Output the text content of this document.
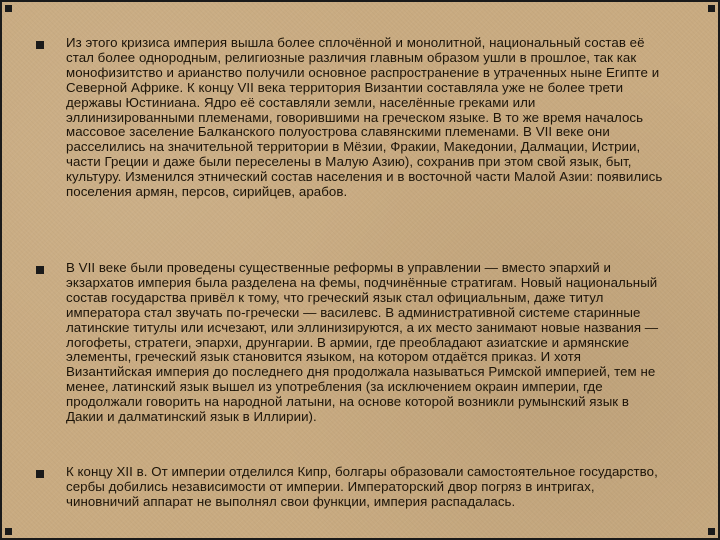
Из этого кризиса империя вышла более сплочённой и монолитной, национальный состав её стал более однородным, религиозные различия главным образом ушли в прошлое, так как монофизитство и арианство получили основное распространение в утраченных ныне Египте и Северной Африке. К концу VII века территория Византии составляла уже не более трети державы Юстиниана. Ядро её составляли земли, населённые греками или эллинизированными племенами, говорившими на греческом языке. В то же время началось массовое заселение Балканского полуострова славянскими племенами. В VII веке они расселились на значительной территории в Мёзии, Фракии, Македонии, Далмации, Истрии, части Греции и даже были переселены в Малую Азию), сохранив при этом свой язык, быт, культуру. Изменился этнический состав населения и в восточной части Малой Азии: появились поселения армян, персов, сирийцев, арабов.
В VII веке были проведены существенные реформы в управлении — вместо эпархий и экзархатов империя была разделена на фемы, подчинённые стратигам. Новый национальный состав государства привёл к тому, что греческий язык стал официальным, даже титул императора стал звучать по-гречески — василевс. В административной системе старинные латинские титулы или исчезают, или эллинизируются, а их место занимают новые названия — логофеты, стратеги, эпархи, друнгарии. В армии, где преобладают азиатские и армянские элементы, греческий язык становится языком, на котором отдаётся приказ. И хотя Византийская империя до последнего дня продолжала называться Римской империей, тем не менее, латинский язык вышел из употребления (за исключением окраин империи, где продолжали говорить на народной латыни, на основе которой возникли румынский язык в Дакии и далматинский язык в Иллирии).
К концу XII в. От империи отделился Кипр, болгары образовали самостоятельное государство, сербы добились независимости от империи. Императорский двор погряз в интригах, чиновничий аппарат не выполнял свои функции, империя распадалась.
